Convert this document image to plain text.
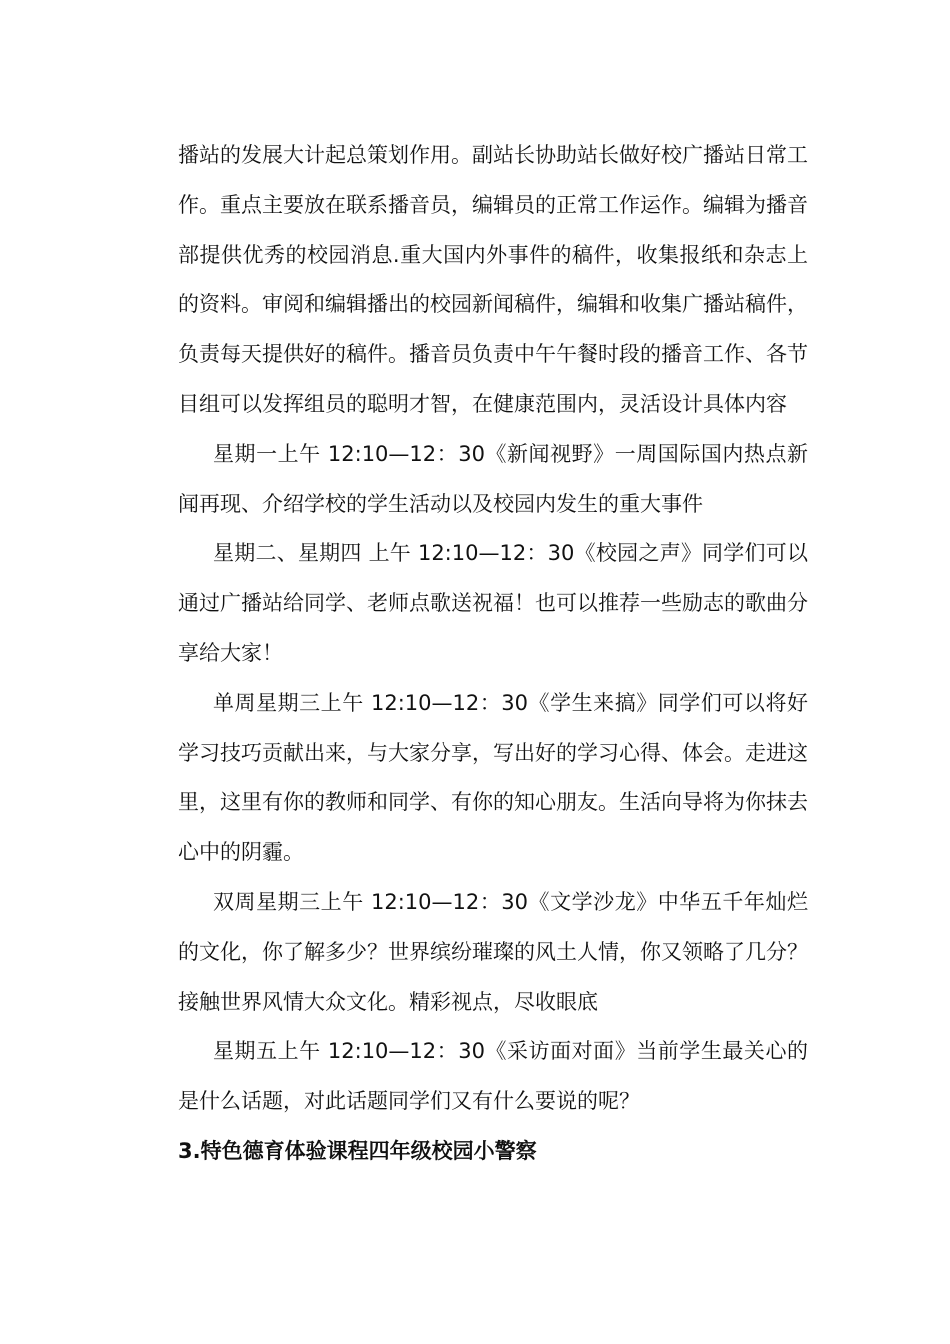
播站的发展大计起总策划作用。副站长协助站长做好校广播站日常工作。重点主要放在联系播音员，编辑员的正常工作运作。编辑为播音部提供优秀的校园消息.重大国内外事件的稿件，收集报纸和杂志上的资料。审阅和编辑播出的校园新闻稿件，编辑和收集广播站稿件，负责每天提供好的稿件。播音员负责中午午餐时段的播音工作、各节目组可以发挥组员的聪明才智，在健康范围内，灵活设计具体内容

星期一上午 12:10—12：30《新闻视野》一周国际国内热点新闻再现、介绍学校的学生活动以及校园内发生的重大事件

星期二、星期四 上午 12:10—12：30《校园之声》同学们可以通过广播站给同学、老师点歌送祝福！也可以推荐一些励志的歌曲分享给大家！

单周星期三上午 12:10—12：30《学生来搞》同学们可以将好学习技巧贡献出来，与大家分享，写出好的学习心得、体会。走进这里，这里有你的教师和同学、有你的知心朋友。生活向导将为你抹去心中的阴霾。

双周星期三上午 12:10—12：30《文学沙龙》中华五千年灿烂的文化，你了解多少？世界缤纷璀璨的风土人情，你又领略了几分？接触世界风情大众文化。精彩视点，尽收眼底

星期五上午 12:10—12：30《采访面对面》当前学生最关心的是什么话题，对此话题同学们又有什么要说的呢？

3.特色德育体验课程四年级校园小警察
